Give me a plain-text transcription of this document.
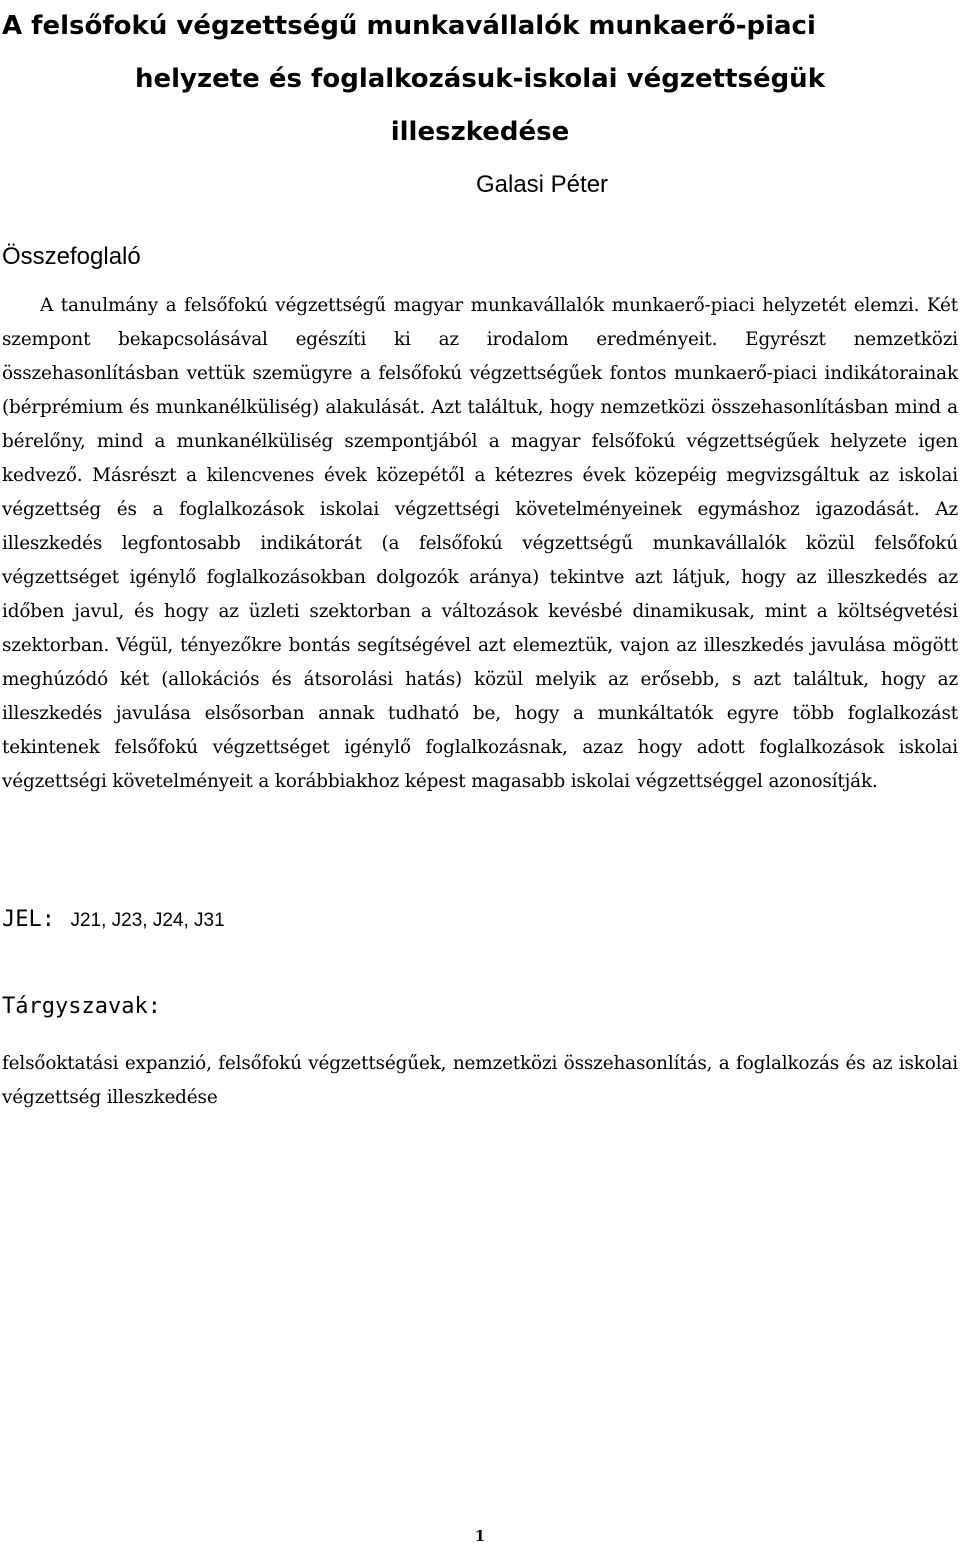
A felsőfokú végzettségű munkavállalók munkaerő-piaci
helyzete és foglalkozásuk-iskolai végzettségük
illeszkedése
Galasi Péter
Összefoglaló

A tanulmány a felsőfokú végzettségű magyar munkavállalók munkaerő-piaci helyzetét elemzi. Két szempont bekapcsolásával egészíti ki az irodalom eredményeit. Egyrészt nemzetközi összehasonlításban vettük szemügyre a felsőfokú végzettségűek fontos munkaerő-piaci indikátorainak (bérprémium és munkanélküliség) alakulását. Azt találtuk, hogy nemzetközi összehasonlításban mind a bérelőny, mind a munkanélküliség szempontjából a magyar felsőfokú végzettségűek helyzete igen kedvező. Másrészt a kilencvenes évek közepétől a kétezres évek közepéig megvizsgáltuk az iskolai végzettség és a foglalkozások iskolai végzettségi követelményeinek egymáshoz igazodását. Az illeszkedés legfontosabb indikátorát (a felsőfokú végzettségű munkavállalók közül felsőfokú végzettséget igénylő foglalkozásokban dolgozók aránya) tekintve azt látjuk, hogy az illeszkedés az időben javul, és hogy az üzleti szektorban a változások kevésbé dinamikusak, mint a költségvetési szektorban. Végül, tényezőkre bontás segítségével azt elemeztük, vajon az illeszkedés javulása mögött meghúzódó két (allokációs és átsorolási hatás) közül melyik az erősebb, s azt találtuk, hogy az illeszkedés javulása elsősorban annak tudható be, hogy a munkáltatók egyre több foglalkozást tekintenek felsőfokú végzettséget igénylő foglalkozásnak, azaz hogy adott foglalkozások iskolai végzettségi követelményeit a korábbiakhoz képest magasabb iskolai végzettséggel azonosítják.

JEL: J21, J23, J24, J31
Tárgyszavak:

felsőoktatási expanzió, felsőfokú végzettségűek, nemzetközi összehasonlítás, a foglalkozás és az iskolai végzettség illeszkedése

1
